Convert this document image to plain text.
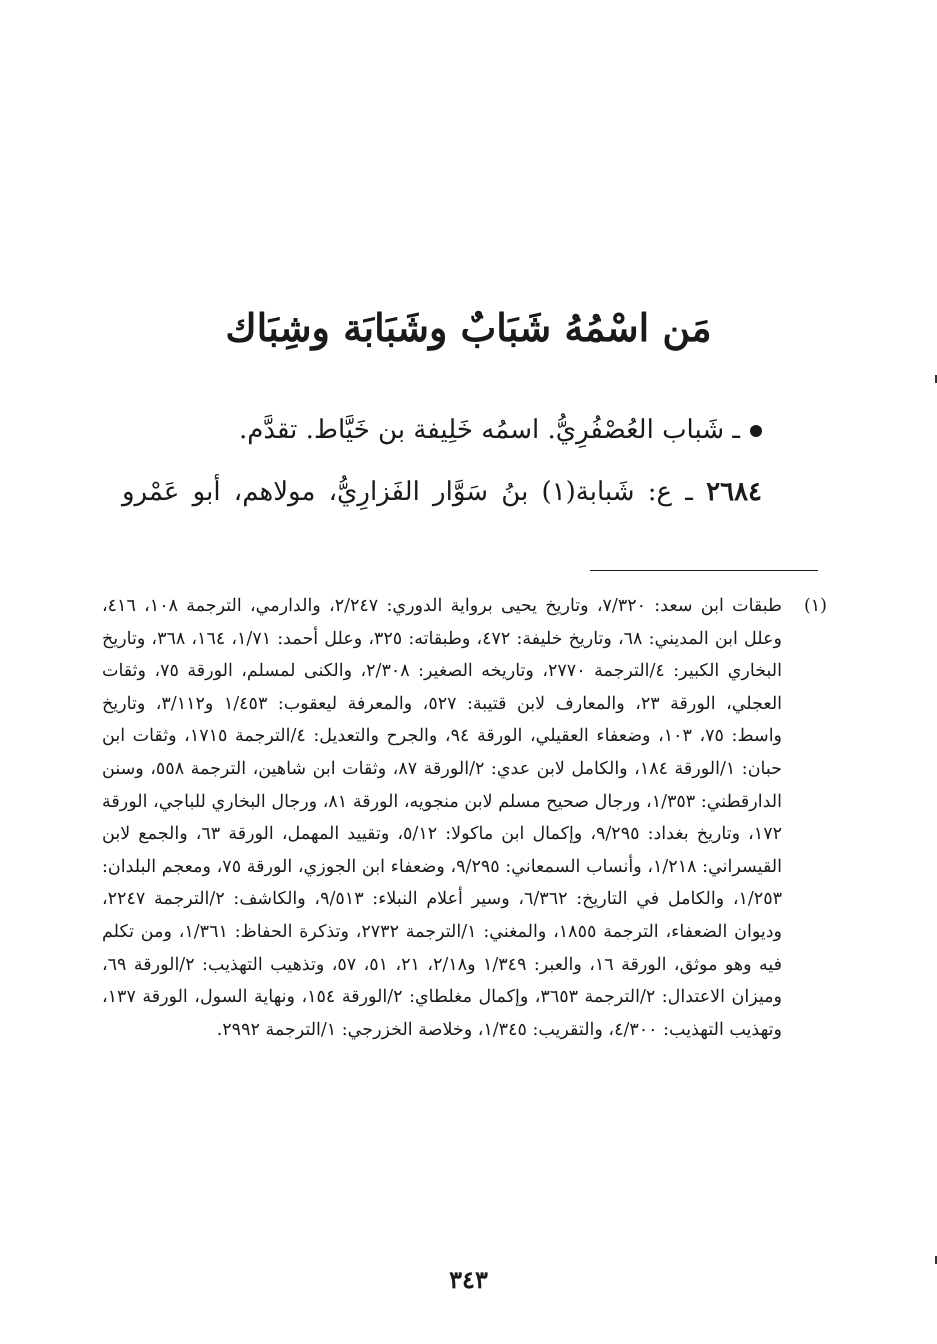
مَن اسْمُهُ شَبَابٌ وشَبَابَة وشِبَاك
ـ شَباب العُصْفُرِيُّ. اسمُه خَلِيفة بن خَيَّاط. تقدَّم.
٢٦٨٤ ـ ع: شَبابة(١) بنُ سَوَّار الفَزارِيُّ، مولاهم، أبو عَمْرو
(١)
طبقات ابن سعد: ٧/٣٢٠، وتاريخ يحيى برواية الدوري: ٢/٢٤٧، والدارمي، الترجمة ١٠٨، ٤١٦، وعلل ابن المديني: ٦٨، وتاريخ خليفة: ٤٧٢، وطبقاته: ٣٢٥، وعلل أحمد: ١/٧١، ١٦٤، ٣٦٨، وتاريخ البخاري الكبير: ٤/الترجمة ٢٧٧٠، وتاريخه الصغير: ٢/٣٠٨، والكنى لمسلم، الورقة ٧٥، وثقات العجلي، الورقة ٢٣، والمعارف لابن قتيبة: ٥٢٧، والمعرفة ليعقوب: ١/٤٥٣ و٣/١١٢، وتاريخ واسط: ٧٥، ١٠٣، وضعفاء العقيلي، الورقة ٩٤، والجرح والتعديل: ٤/الترجمة ١٧١٥، وثقات ابن حبان: ١/الورقة ١٨٤، والكامل لابن عدي: ٢/الورقة ٨٧، وثقات ابن شاهين، الترجمة ٥٥٨، وسنن الدارقطني: ١/٣٥٣، ورجال صحيح مسلم لابن منجويه، الورقة ٨١، ورجال البخاري للباجي، الورقة ١٧٢، وتاريخ بغداد: ٩/٢٩٥، وإكمال ابن ماكولا: ٥/١٢، وتقييد المهمل، الورقة ٦٣، والجمع لابن القيسراني: ١/٢١٨، وأنساب السمعاني: ٩/٢٩٥، وضعفاء ابن الجوزي، الورقة ٧٥، ومعجم البلدان: ١/٢٥٣، والكامل في التاريخ: ٦/٣٦٢، وسير أعلام النبلاء: ٩/٥١٣، والكاشف: ٢/الترجمة ٢٢٤٧، وديوان الضعفاء، الترجمة ١٨٥٥، والمغني: ١/الترجمة ٢٧٣٢، وتذكرة الحفاظ: ١/٣٦١، ومن تكلم فيه وهو موثق، الورقة ١٦، والعبر: ١/٣٤٩ و٢/١٨، ٢١، ٥١، ٥٧، وتذهيب التهذيب: ٢/الورقة ٦٩، وميزان الاعتدال: ٢/الترجمة ٣٦٥٣، وإكمال مغلطاي: ٢/الورقة ١٥٤، ونهاية السول، الورقة ١٣٧، وتهذيب التهذيب: ٤/٣٠٠، والتقريب: ١/٣٤٥، وخلاصة الخزرجي: ١/الترجمة ٢٩٩٢.
٣٤٣
